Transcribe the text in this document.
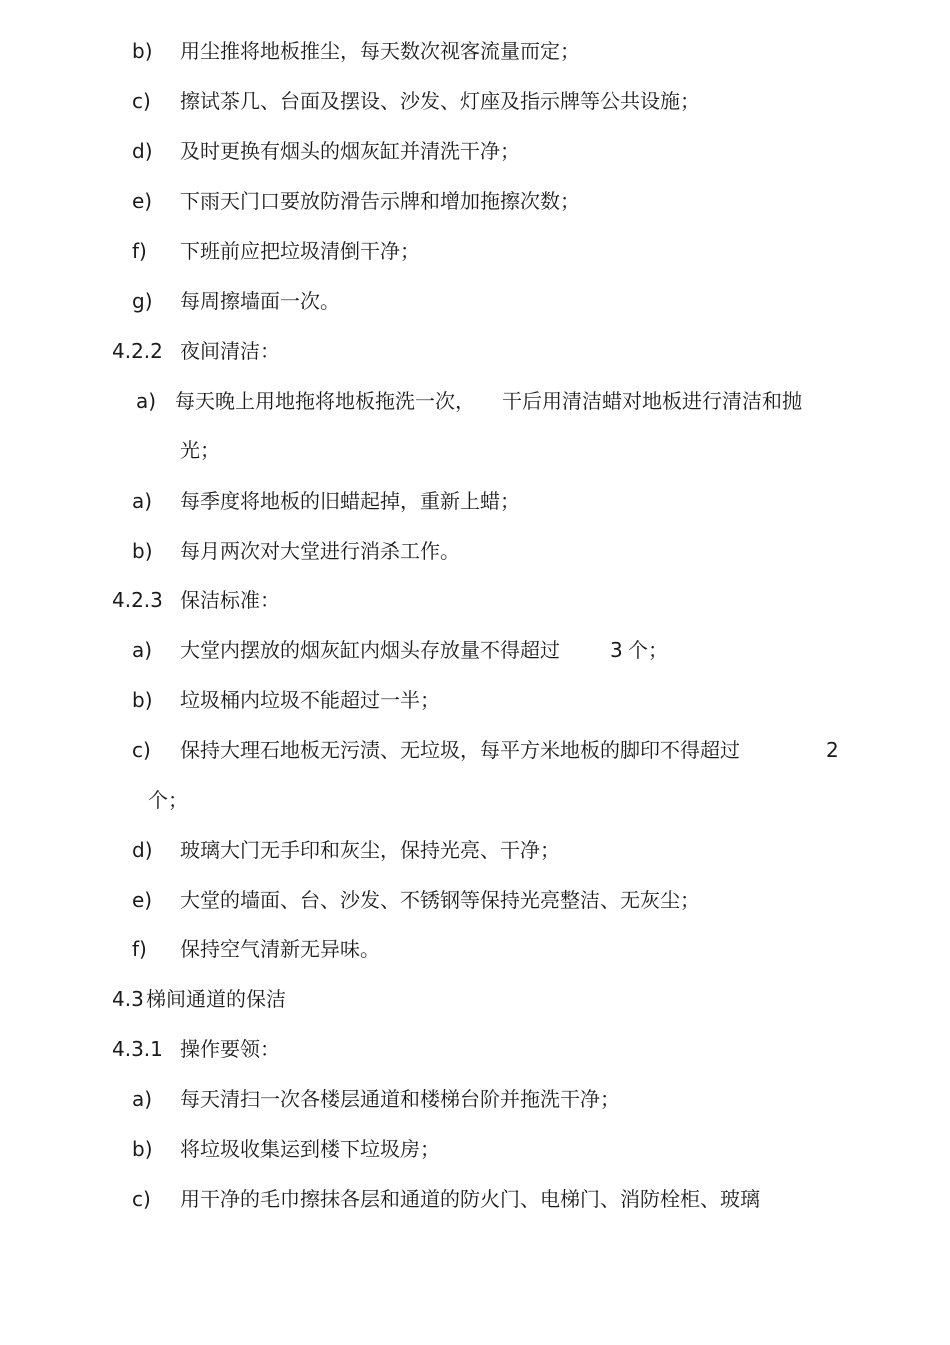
b) 用尘推将地板推尘，每天数次视客流量而定；
c) 擦试茶几、台面及摆设、沙发、灯座及指示牌等公共设施；
d) 及时更换有烟头的烟灰缸并清洗干净；
e) 下雨天门口要放防滑告示牌和增加拖擦次数；
f) 下班前应把垃圾清倒干净；
g) 每周擦墙面一次。
4.2.2 夜间清洁：
a) 每天晚上用地拖将地板拖洗一次， 干后用清洁蜡对地板进行清洁和抛
光；
a) 每季度将地板的旧蜡起掉，重新上蜡；
b) 每月两次对大堂进行消杀工作。
4.2.3 保洁标准：
a) 大堂内摆放的烟灰缸内烟头存放量不得超过	3 个；
b) 垃圾桶内垃圾不能超过一半；
c) 保持大理石地板无污渍、无垃圾，每平方米地板的脚印不得超过	2
个；
d) 玻璃大门无手印和灰尘，保持光亮、干净；
e) 大堂的墙面、台、沙发、不锈钢等保持光亮整洁、无灰尘；
f) 保持空气清新无异味。
4.3 梯间通道的保洁
4.3.1 操作要领：
a) 每天清扫一次各楼层通道和楼梯台阶并拖洗干净；
b) 将垃圾收集运到楼下垃圾房；
c) 用干净的毛巾擦抹各层和通道的防火门、电梯门、消防栓柜、玻璃
